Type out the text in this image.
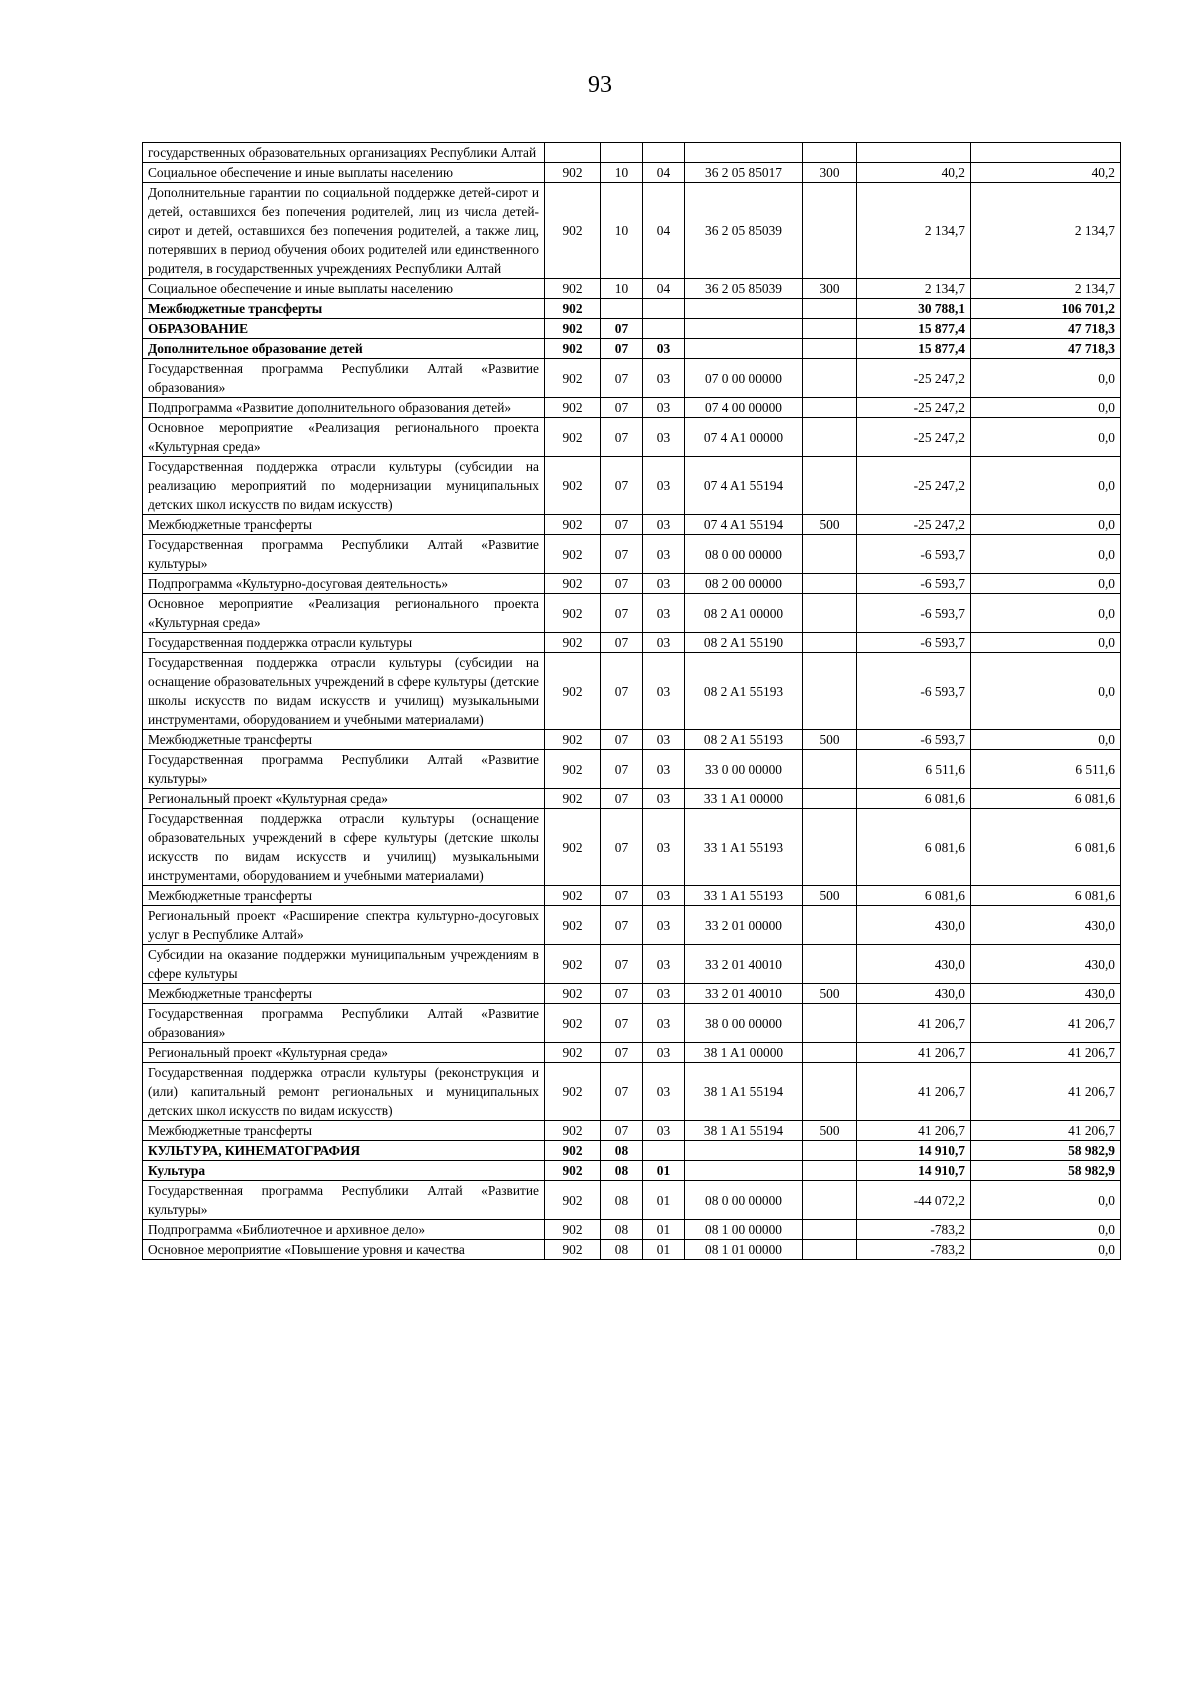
93
государственных образовательных организациях Республики Алтай							
Социальное обеспечение и иные выплаты населению	902	10	04	36 2 05 85017	300	40,2	40,2
Дополнительные гарантии по социальной поддержке детей-сирот и детей, оставшихся без попечения родителей, лиц из числа детей-сирот и детей, оставшихся без попечения родителей, а также лиц, потерявших в период обучения обоих родителей или единственного родителя, в государственных учреждениях Республики Алтай	902	10	04	36 2 05 85039		2 134,7	2 134,7
Социальное обеспечение и иные выплаты населению	902	10	04	36 2 05 85039	300	2 134,7	2 134,7
Межбюджетные трансферты	902					30 788,1	106 701,2
ОБРАЗОВАНИЕ	902	07				15 877,4	47 718,3
Дополнительное образование детей	902	07	03			15 877,4	47 718,3
Государственная программа Республики Алтай «Развитие образования»	902	07	03	07 0 00 00000		-25 247,2	0,0
Подпрограмма «Развитие дополнительного образования детей»	902	07	03	07 4 00 00000		-25 247,2	0,0
Основное мероприятие «Реализация регионального проекта «Культурная среда»	902	07	03	07 4 A1 00000		-25 247,2	0,0
Государственная поддержка отрасли культуры (субсидии на реализацию мероприятий по модернизации муниципальных детских школ искусств по видам искусств)	902	07	03	07 4 A1 55194		-25 247,2	0,0
Межбюджетные трансферты	902	07	03	07 4 A1 55194	500	-25 247,2	0,0
Государственная программа Республики Алтай «Развитие культуры»	902	07	03	08 0 00 00000		-6 593,7	0,0
Подпрограмма «Культурно-досуговая деятельность»	902	07	03	08 2 00 00000		-6 593,7	0,0
Основное мероприятие «Реализация регионального проекта «Культурная среда»	902	07	03	08 2 A1 00000		-6 593,7	0,0
Государственная поддержка отрасли культуры	902	07	03	08 2 A1 55190		-6 593,7	0,0
Государственная поддержка отрасли культуры (субсидии на оснащение образовательных учреждений в сфере культуры (детские школы искусств по видам искусств и училищ) музыкальными инструментами, оборудованием и учебными материалами)	902	07	03	08 2 A1 55193		-6 593,7	0,0
Межбюджетные трансферты	902	07	03	08 2 A1 55193	500	-6 593,7	0,0
Государственная программа Республики Алтай «Развитие культуры»	902	07	03	33 0 00 00000		6 511,6	6 511,6
Региональный проект «Культурная среда»	902	07	03	33 1 A1 00000		6 081,6	6 081,6
Государственная поддержка отрасли культуры (оснащение образовательных учреждений в сфере культуры (детские школы искусств по видам искусств и училищ) музыкальными инструментами, оборудованием и учебными материалами)	902	07	03	33 1 A1 55193		6 081,6	6 081,6
Межбюджетные трансферты	902	07	03	33 1 A1 55193	500	6 081,6	6 081,6
Региональный проект «Расширение спектра культурно-досуговых услуг в Республике Алтай»	902	07	03	33 2 01 00000		430,0	430,0
Субсидии на оказание поддержки муниципальным учреждениям в сфере культуры	902	07	03	33 2 01 40010		430,0	430,0
Межбюджетные трансферты	902	07	03	33 2 01 40010	500	430,0	430,0
Государственная программа Республики Алтай «Развитие образования»	902	07	03	38 0 00 00000		41 206,7	41 206,7
Региональный проект «Культурная среда»	902	07	03	38 1 A1 00000		41 206,7	41 206,7
Государственная поддержка отрасли культуры (реконструкция и (или) капитальный ремонт региональных и муниципальных детских школ искусств по видам искусств)	902	07	03	38 1 A1 55194		41 206,7	41 206,7
Межбюджетные трансферты	902	07	03	38 1 A1 55194	500	41 206,7	41 206,7
КУЛЬТУРА, КИНЕМАТОГРАФИЯ	902	08				14 910,7	58 982,9
Культура	902	08	01			14 910,7	58 982,9
Государственная программа Республики Алтай «Развитие культуры»	902	08	01	08 0 00 00000		-44 072,2	0,0
Подпрограмма «Библиотечное и архивное дело»	902	08	01	08 1 00 00000		-783,2	0,0
Основное мероприятие «Повышение уровня и качества	902	08	01	08 1 01 00000		-783,2	0,0
